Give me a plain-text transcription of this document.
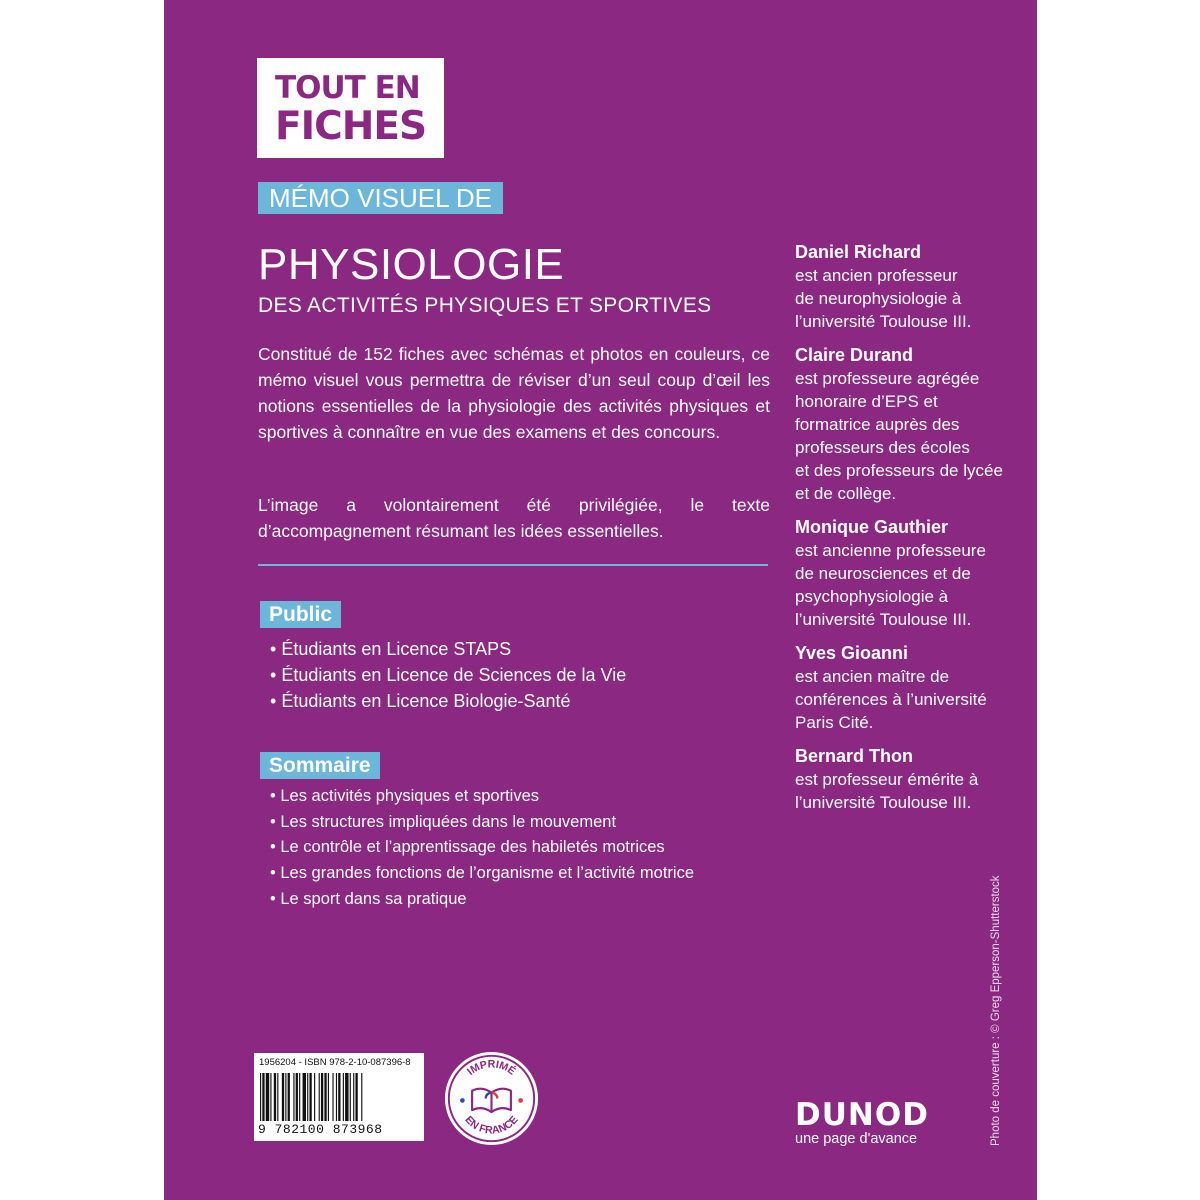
TOUT EN
FICHES
MÉMO VISUEL DE
PHYSIOLOGIE
DES ACTIVITÉS PHYSIQUES ET SPORTIVES
Constitué de 152 fiches avec schémas et photos en couleurs, ce mémo visuel vous permettra de réviser d’un seul coup d’œil les notions essentielles de la physiologie des activités physiques et sportives à connaître en vue des examens et des concours.
L’image a volontairement été privilégiée, le texte d’accompagnement résumant les idées essentielles.
Public
• Étudiants en Licence STAPS
• Étudiants en Licence de Sciences de la Vie
• Étudiants en Licence Biologie-Santé
Sommaire
• Les activités physiques et sportives
• Les structures impliquées dans le mouvement
• Le contrôle et l’apprentissage des habiletés motrices
• Les grandes fonctions de l’organisme et l’activité motrice
• Le sport dans sa pratique
Daniel Richard
est ancien professeur
de neurophysiologie à
l’université Toulouse III.
Claire Durand
est professeure agrégée
honoraire d’EPS et
formatrice auprès des
professeurs des écoles
et des professeurs de lycée
et de collège.
Monique Gauthier
est ancienne professeure
de neurosciences et de
psychophysiologie à
l’université Toulouse III.
Yves Gioanni
est ancien maître de
conférences à l’université
Paris Cité.
Bernard Thon
est professeur émérite à
l’université Toulouse III.
Photo de couverture : © Greg Epperson-Shutterstock
1956204 - ISBN 978-2-10-087396-8
9 782100 873968
IMPRIMÉ
EN FRANCE	DUNOD
une page d'avance
